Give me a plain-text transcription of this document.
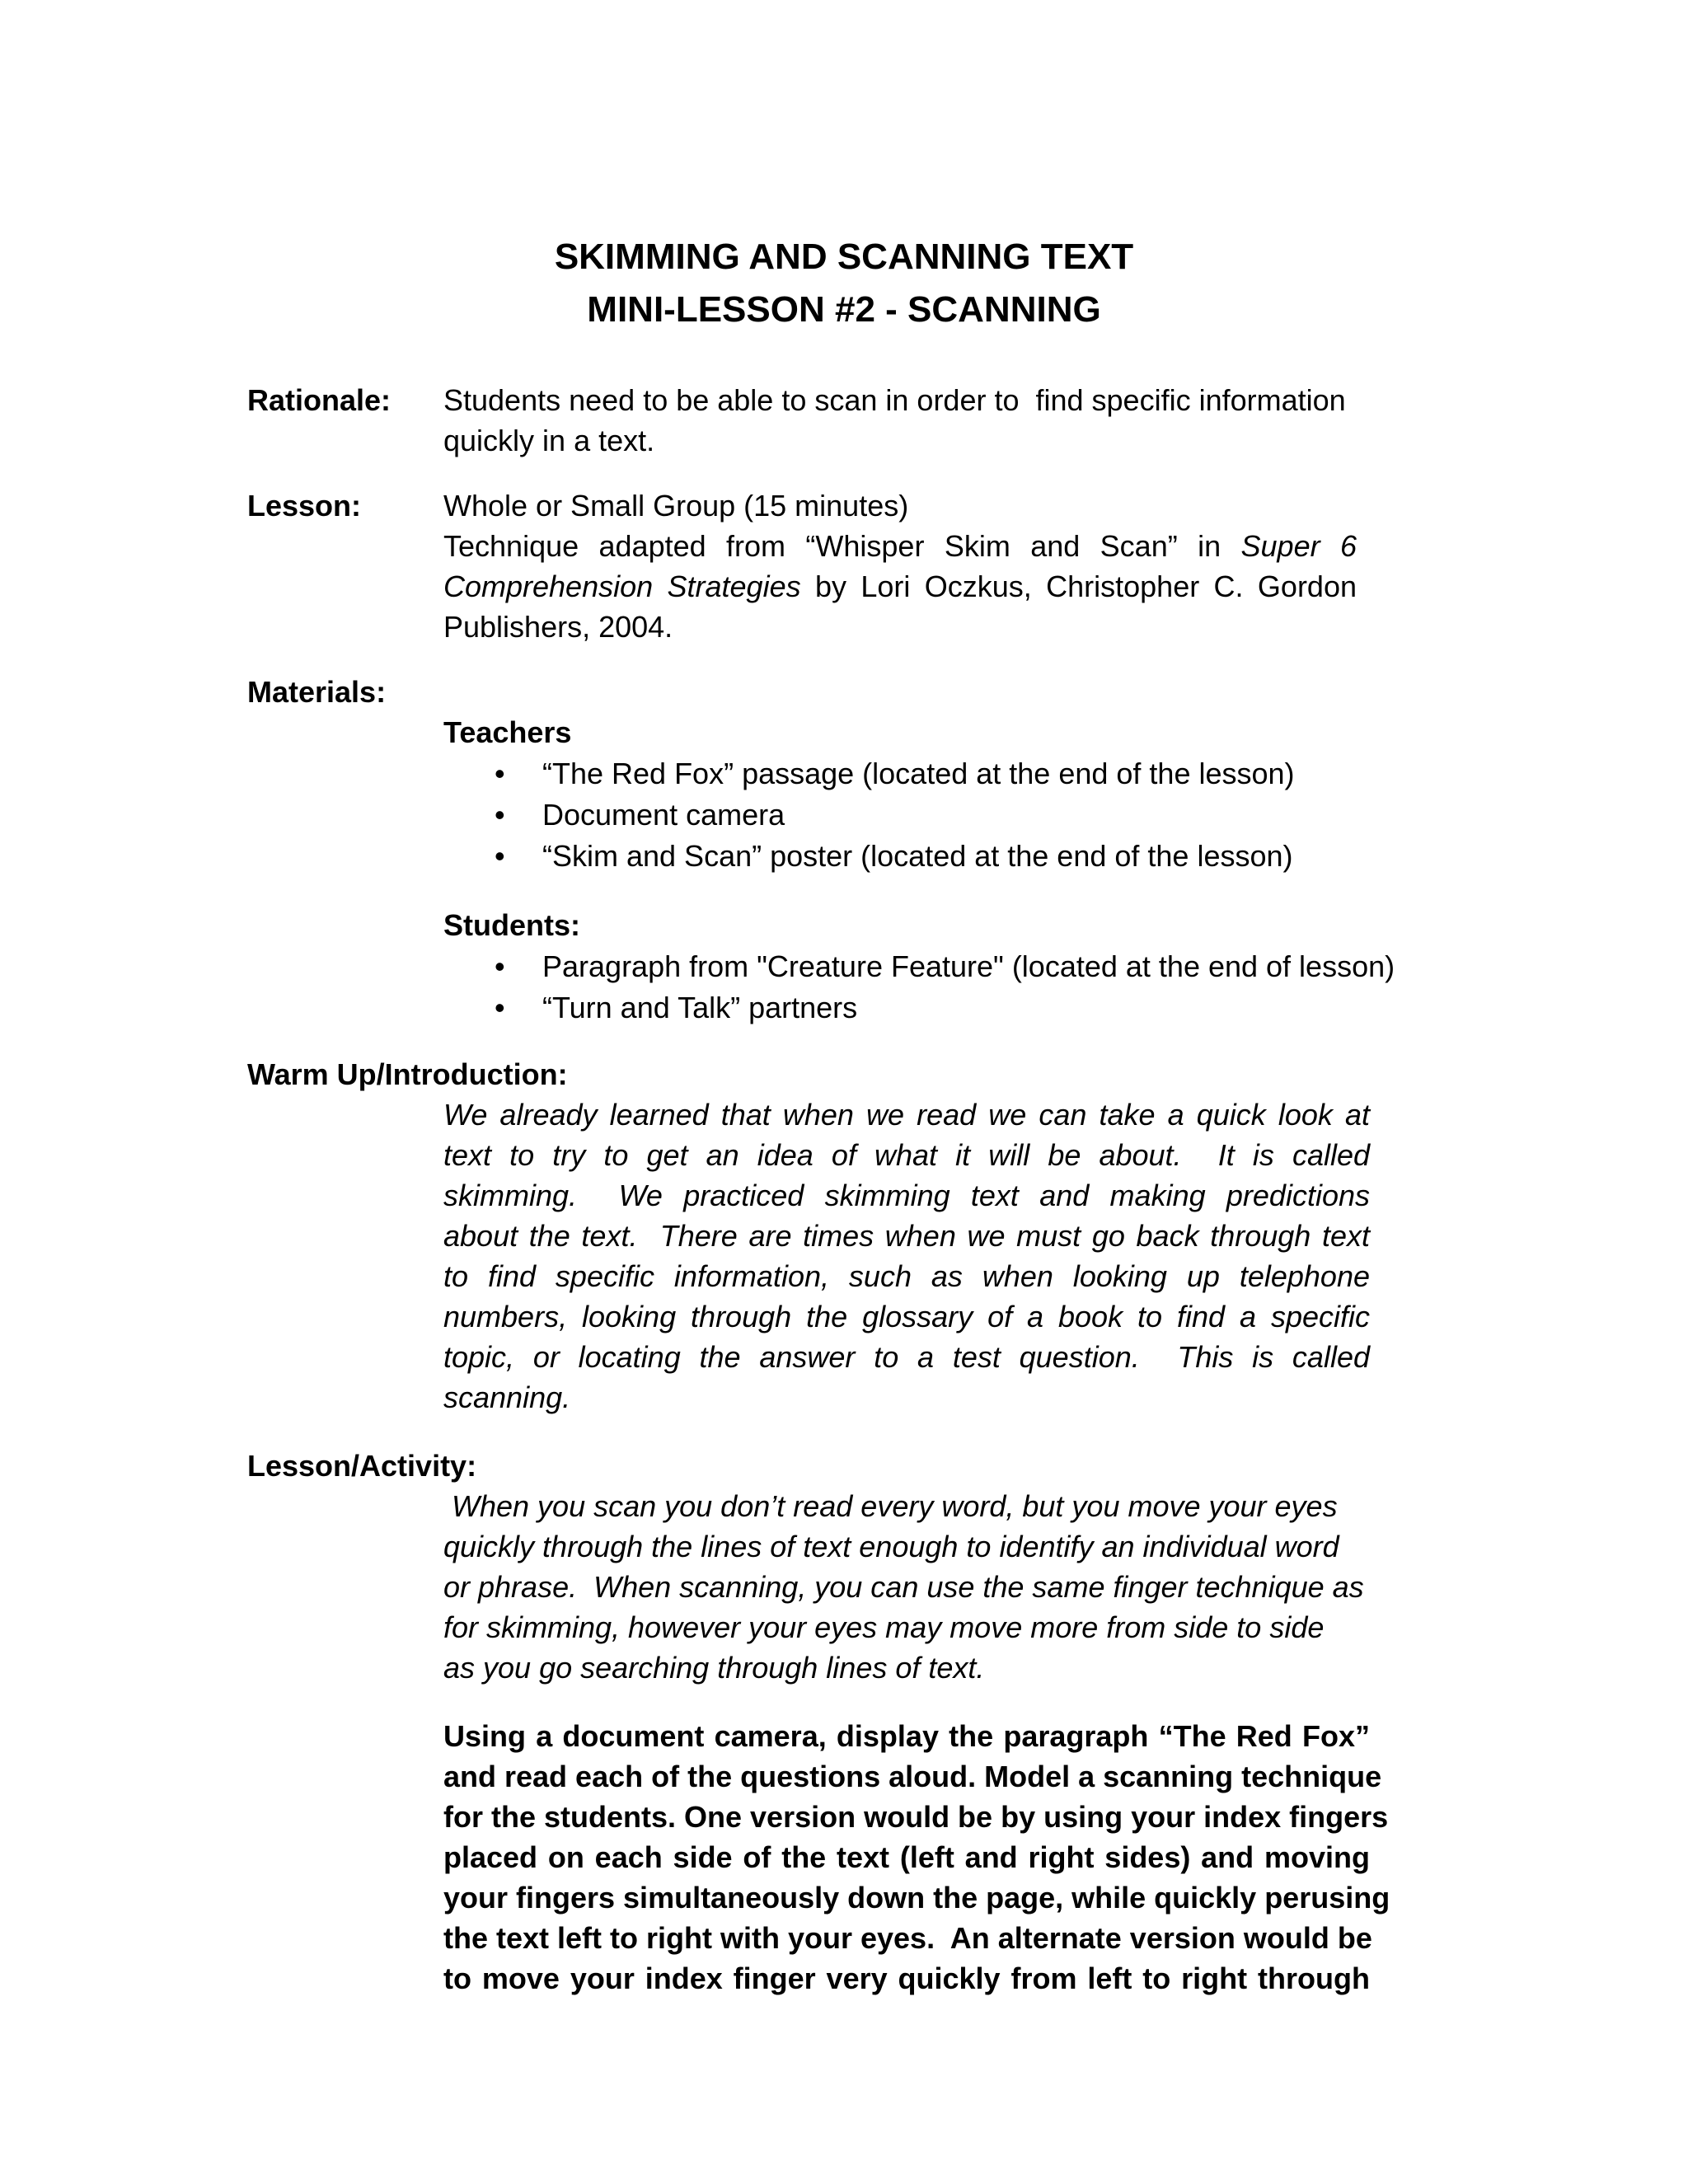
SKIMMING AND SCANNING TEXT
MINI-LESSON #2 - SCANNING

Rationale: Students need to be able to scan in order to  find specific information
quickly in a text.

Lesson:	Whole or Small Group (15 minutes)
Technique adapted from “Whisper Skim and Scan” in Super 6
Comprehension Strategies by Lori Oczkus, Christopher C. Gordon
Publishers, 2004.

Materials:

Teachers

• “The Red Fox” passage (located at the end of the lesson)
• Document camera
• “Skim and Scan” poster (located at the end of the lesson)

Students:

• Paragraph from "Creature Feature" (located at the end of lesson)
• “Turn and Talk” partners

Warm Up/Introduction:

We already learned that when we read we can take a quick look at
text to try to get an idea of what it will be about.  It is called
skimming.  We practiced skimming text and making predictions
about the text.  There are times when we must go back through text
to find specific information, such as when looking up telephone
numbers, looking through the glossary of a book to find a specific
topic, or locating the answer to a test question.  This is called
scanning.

Lesson/Activity:

When you scan you don’t read every word, but you move your eyes
quickly through the lines of text enough to identify an individual word
or phrase.  When scanning, you can use the same finger technique as
for skimming, however your eyes may move more from side to side
as you go searching through lines of text.

Using a document camera, display the paragraph “The Red Fox”
and read each of the questions aloud. Model a scanning technique
for the students. One version would be by using your index fingers
placed on each side of the text (left and right sides) and moving
your fingers simultaneously down the page, while quickly perusing
the text left to right with your eyes.  An alternate version would be
to move your index finger very quickly from left to right through
